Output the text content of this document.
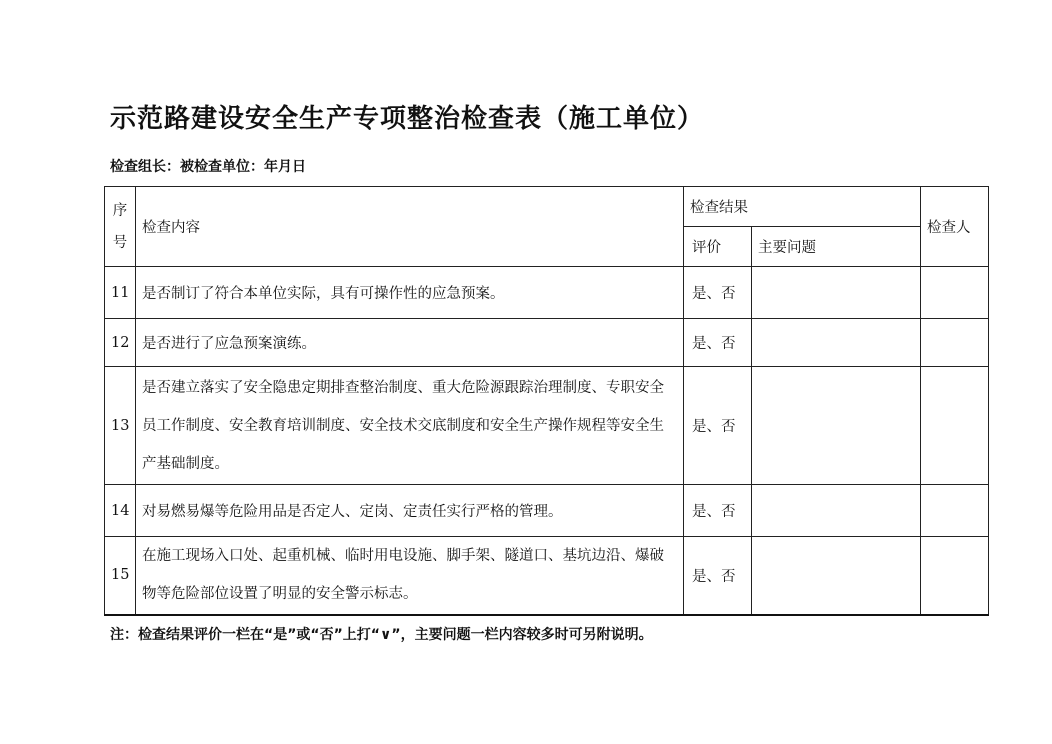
示范路建设安全生产专项整治检查表（施工单位）
检查组长：被检查单位：年月日
序
号	检查内容	检查结果		检查人
		评价	主要问题	
11	是否制订了符合本单位实际，具有可操作性的应急预案。	是、否		
12	是否进行了应急预案演练。	是、否		
13	是否建立落实了安全隐患定期排查整治制度、重大危险源跟踪治理制度、专职安全员工作制度、安全教育培训制度、安全技术交底制度和安全生产操作规程等安全生产基础制度。	是、否		
14	对易燃易爆等危险用品是否定人、定岗、定责任实行严格的管理。	是、否		
15	在施工现场入口处、起重机械、临时用电设施、脚手架、隧道口、基坑边沿、爆破物等危险部位设置了明显的安全警示标志。	是、否		
注：检查结果评价一栏在“是”或“否”上打“∨”，主要问题一栏内容较多时可另附说明。
